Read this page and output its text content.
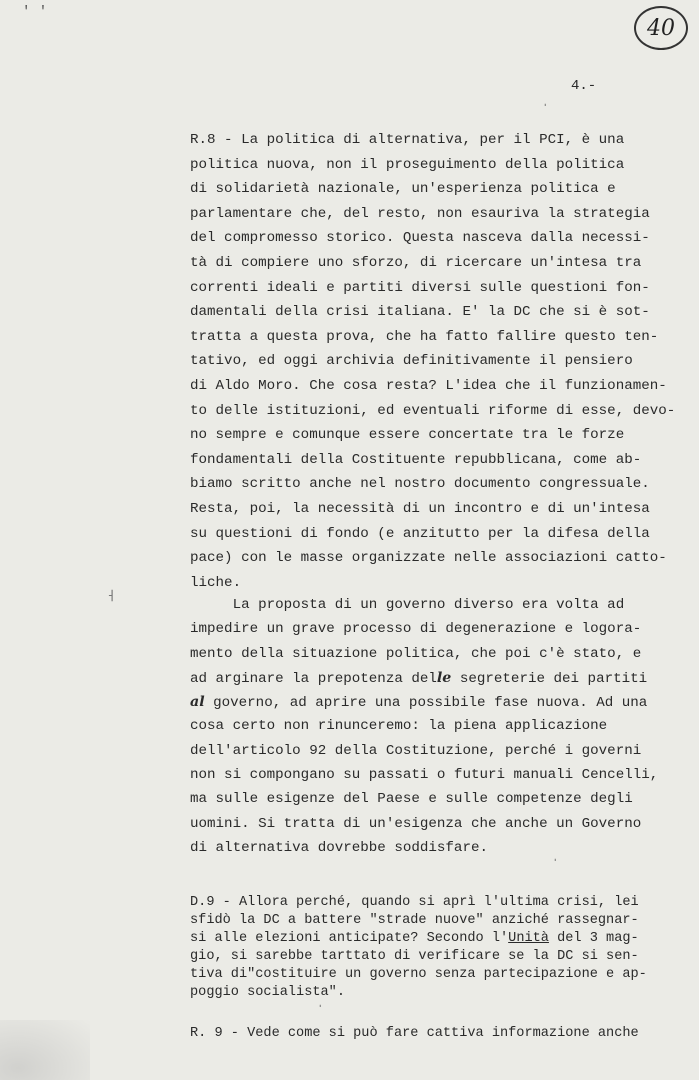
' '
40
4.-
ˌ
ˌ
ˈ
˧

R.8 - La politica di alternativa, per il PCI, è una

politica nuova, non il proseguimento della politica

di solidarietà nazionale, un'esperienza politica e

parlamentare che, del resto, non esauriva la strategia

del compromesso storico. Questa nasceva dalla necessi-

tà di compiere uno sforzo, di ricercare un'intesa tra

correnti ideali e partiti diversi sulle questioni fon-

damentali della crisi italiana. E' la DC che si è sot-

tratta a questa prova, che ha fatto fallire questo ten-

tativo, ed oggi archivia definitivamente il pensiero

di Aldo Moro. Che cosa resta? L'idea che il funzionamen-

to delle istituzioni, ed eventuali riforme di esse, devo-

no sempre e comunque essere concertate tra le forze

fondamentali della Costituente repubblicana, come ab-

biamo scritto anche nel nostro documento congressuale.

Resta, poi, la necessità di un incontro e di un'intesa

su questioni di fondo (e anzitutto per la difesa della

pace) con le masse organizzate nelle associazioni catto-

liche.

La proposta di un governo diverso era volta ad

impedire un grave processo di degenerazione e logora-

mento della situazione politica, che poi c'è stato, e

ad arginare la prepotenza delle segreterie dei partiti

al governo, ad aprire una possibile fase nuova. Ad una

cosa certo non rinunceremo: la piena applicazione

dell'articolo 92 della Costituzione, perché i governi

non si compongano su passati o futuri manuali Cencelli,

ma sulle esigenze del Paese e sulle competenze degli

uomini. Si tratta di un'esigenza che anche un Governo

di alternativa dovrebbe soddisfare.

D.9 - Allora perché, quando si aprì l'ultima crisi, lei

sfidò la DC a battere "strade nuove" anziché rassegnar-

si alle elezioni anticipate? Secondo l'Unità del 3 mag-

gio, si sarebbe tarttato di verificare se la DC si sen-

tiva di"costituire un governo senza partecipazione e ap-

poggio socialista".

R. 9 - Vede come si può fare cattiva informazione anche
